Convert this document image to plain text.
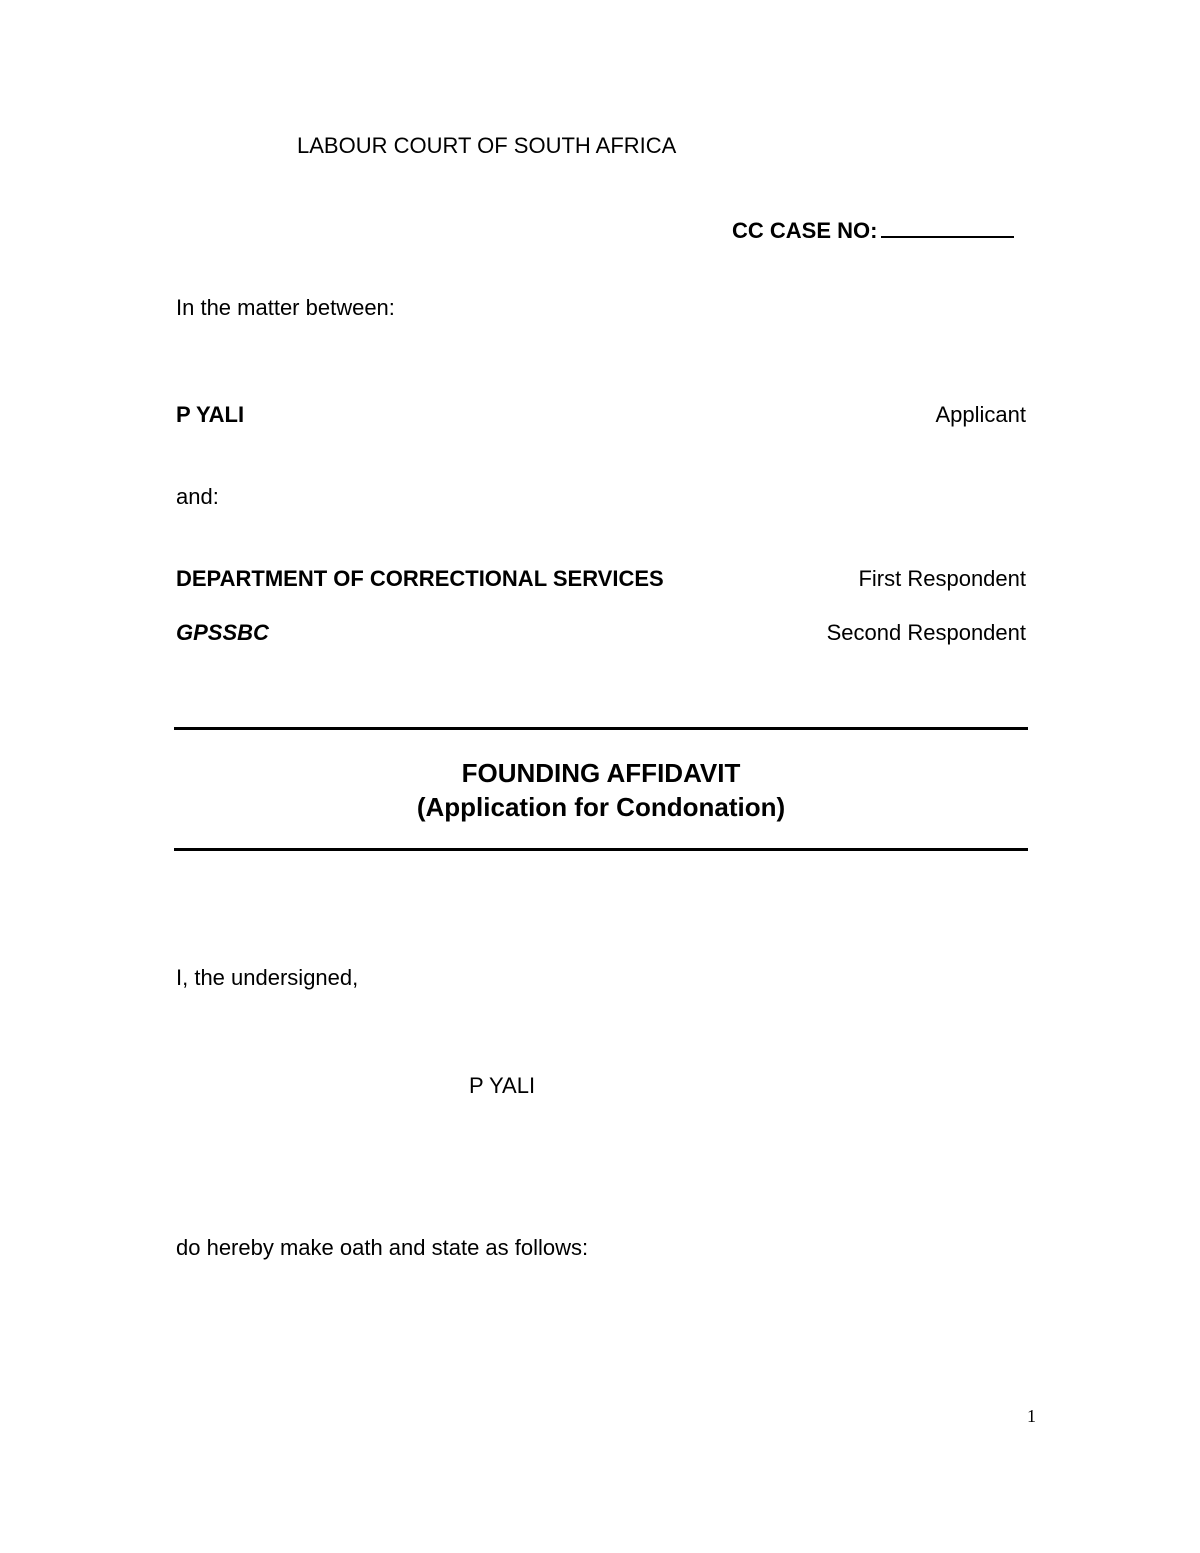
LABOUR COURT OF SOUTH AFRICA
CC CASE NO:
In the matter between:
P YALI	Applicant
and:
DEPARTMENT OF CORRECTIONAL SERVICES	First Respondent
GPSSBC	Second Respondent
FOUNDING AFFIDAVIT
(Application for Condonation)
I, the undersigned,
P YALI
do hereby make oath and state as follows:
1
